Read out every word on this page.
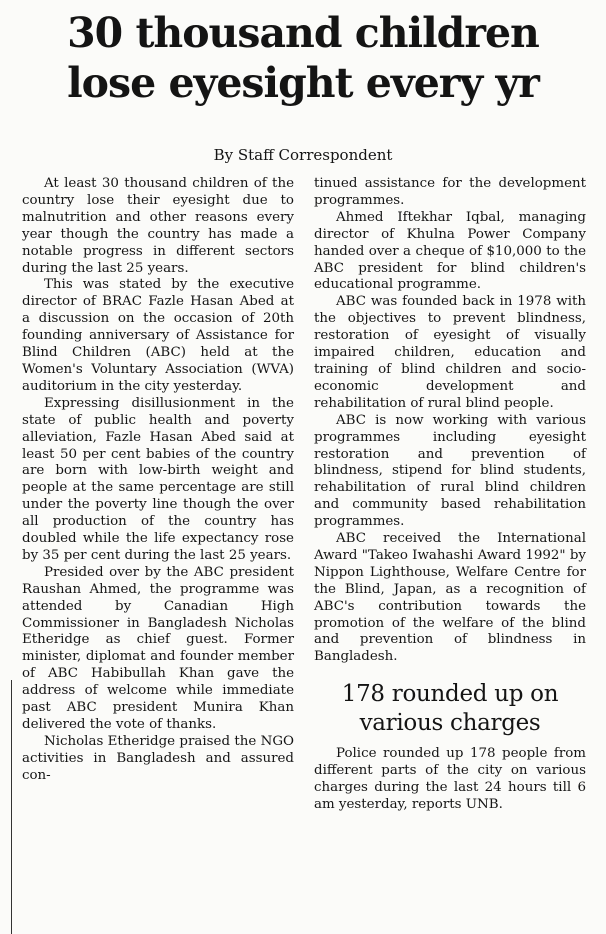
30 thousand children
lose eyesight every yr
By Staff Correspondent

At least 30 thousand children of the country lose their eyesight due to malnutrition and other reasons every year though the country has made a notable progress in different sectors during the last 25 years.

This was stated by the executive director of BRAC Fazle Hasan Abed at a discussion on the occasion of 20th founding anniversary of Assistance for Blind Children (ABC) held at the Women's Voluntary Association (WVA) auditorium in the city yesterday.

Expressing disillusionment in the state of public health and poverty alleviation, Fazle Hasan Abed said at least 50 per cent babies of the country are born with low-birth weight and people at the same percentage are still under the poverty line though the over all production of the country has doubled while the life expectancy rose by 35 per cent during the last 25 years.

Presided over by the ABC president Raushan Ahmed, the programme was attended by Canadian High Commissioner in Bangladesh Nicholas Etheridge as chief guest. Former minister, diplomat and founder member of ABC Habibullah Khan gave the address of welcome while immediate past ABC president Munira Khan delivered the vote of thanks.

Nicholas Etheridge praised the NGO activities in Bangladesh and assured con-

tinued assistance for the development programmes.

Ahmed Iftekhar Iqbal, managing director of Khulna Power Company handed over a cheque of $10,000 to the ABC president for blind children's educational programme.

ABC was founded back in 1978 with the objectives to prevent blindness, restoration of eyesight of visually impaired children, education and training of blind children and socio-economic development and rehabilitation of rural blind people.

ABC is now working with various programmes including eyesight restoration and prevention of blindness, stipend for blind students, rehabilitation of rural blind children and community based rehabilitation programmes.

ABC received the International Award "Takeo Iwahashi Award 1992" by Nippon Lighthouse, Welfare Centre for the Blind, Japan, as a recognition of ABC's contribution towards the promotion of the welfare of the blind and prevention of blindness in Bangladesh.

178 rounded up on
various charges

Police rounded up 178 people from different parts of the city on various charges during the last 24 hours till 6 am yesterday, reports UNB.
